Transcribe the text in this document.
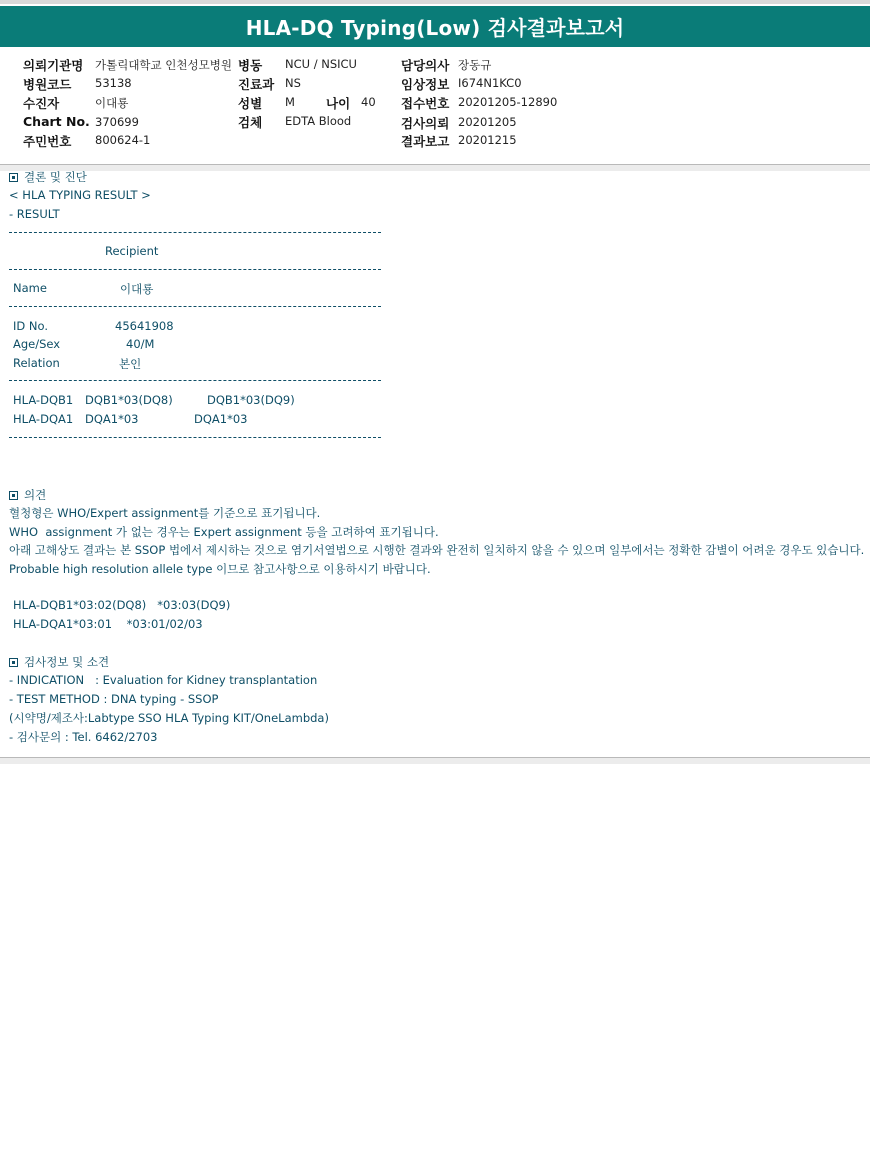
HLA-DQ Typing(Low) 검사결과보고서
의뢰기관명 가톨릭대학교 인천성모병원 병동 NCU / NSICU	담당의사 장동규
병원코드 53138	진료과 NS	임상정보 I674N1KC0
수진자	이대룡	성별 M 나이 40 접수번호 20201205-12890
Chart No. 370699	검체 EDTA Blood	검사의뢰 20201205
주민번호 800624-1	결과보고 20201215
결론 및 진단
< HLA TYPING RESULT >
- RESULT
Recipient
Name	이대룡
ID No.	45641908
Age/Sex	40/M
Relation	본인
HLA-DQB1 DQB1*03(DQ8)	DQB1*03(DQ9)
HLA-DQA1 DQA1*03	DQA1*03
의견
혈청형은 WHO/Expert assignment를 기준으로 표기됩니다.
WHO  assignment 가 없는 경우는 Expert assignment 등을 고려하여 표기됩니다.
아래 고해상도 결과는 본 SSOP 법에서 제시하는 것으로 염기서열법으로 시행한 결과와 완전히 일치하지 않을 수 있으며 일부에서는 정확한 감별이 어려운 경우도 있습니다. Probable high resolution allele type 이므로 참고사항으로 이용하시기 바랍니다.
HLA-DQB1*03:02(DQ8)   *03:03(DQ9)
HLA-DQA1*03:01    *03:01/02/03
검사정보 및 소견
- INDICATION   : Evaluation for Kidney transplantation
- TEST METHOD : DNA typing - SSOP
(시약명/제조사:Labtype SSO HLA Typing KIT/OneLambda)
- 검사문의 : Tel. 6462/2703
